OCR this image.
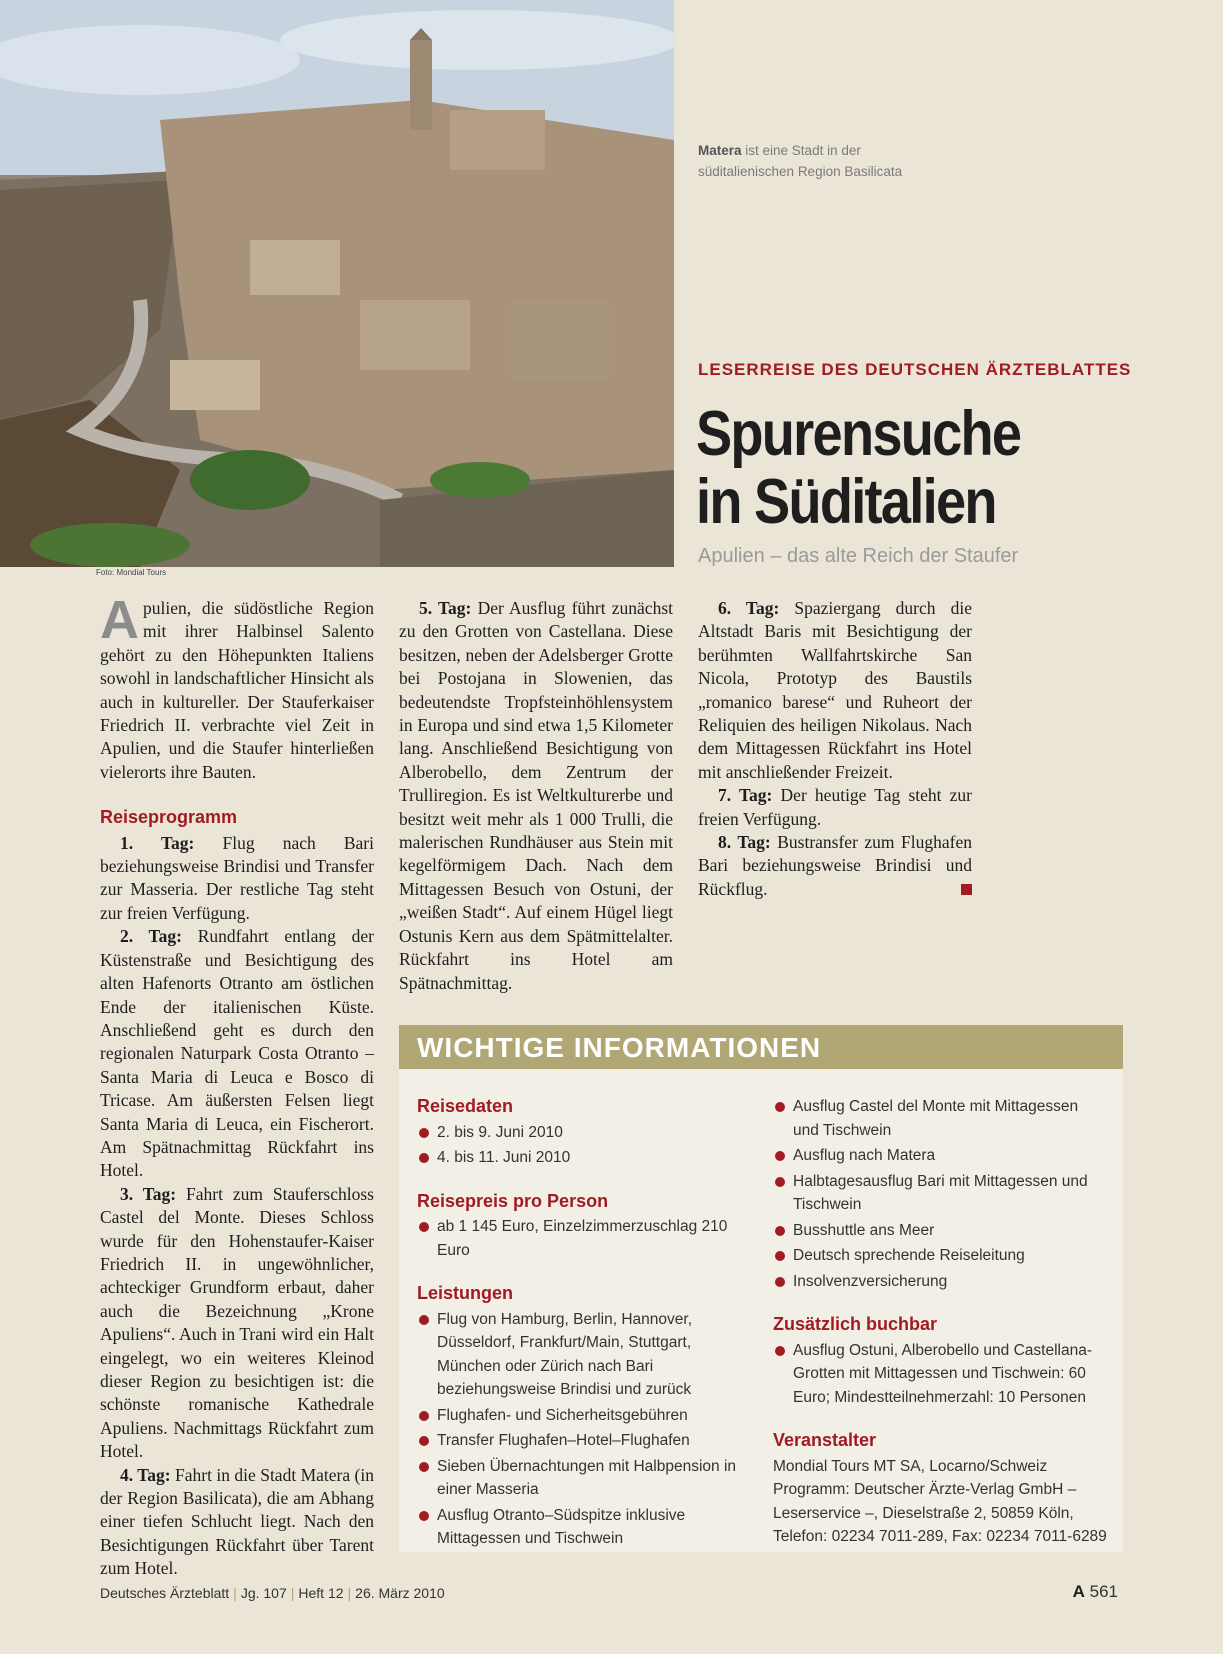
Foto: Mondial Tours
Matera ist eine Stadt in der süditalienischen Region Basilicata
LESERREISE DES DEUTSCHEN ÄRZTEBLATTES
Spurensuche
in Süditalien
Apulien – das alte Reich der Staufer

Apulien, die südöstliche Region mit ihrer Halbinsel Salento gehört zu den Höhepunkten Italiens sowohl in landschaftlicher Hinsicht als auch in kultureller. Der Stauferkaiser Friedrich II. verbrachte viel Zeit in Apulien, und die Staufer hinterließen vielerorts ihre Bauten.

Reiseprogramm

1. Tag: Flug nach Bari beziehungsweise Brindisi und Transfer zur Masseria. Der restliche Tag steht zur freien Verfügung.

2. Tag: Rundfahrt entlang der Küstenstraße und Besichtigung des alten Hafenorts Otranto am östlichen Ende der italienischen Küste. Anschließend geht es durch den regionalen Naturpark Costa Otranto – Santa Maria di Leuca e Bosco di Tricase. Am äußersten Felsen liegt Santa Maria di Leuca, ein Fischerort. Am Spätnachmittag Rückfahrt ins Hotel.

3. Tag: Fahrt zum Stauferschloss Castel del Monte. Dieses Schloss wurde für den Hohenstaufer-Kaiser Friedrich II. in ungewöhnlicher, achteckiger Grundform erbaut, daher auch die Bezeichnung „Krone Apuliens“. Auch in Trani wird ein Halt eingelegt, wo ein weiteres Kleinod dieser Region zu besichtigen ist: die schönste romanische Kathedrale Apuliens. Nachmittags Rückfahrt zum Hotel.

4. Tag: Fahrt in die Stadt Matera (in der Region Basilicata), die am Abhang einer tiefen Schlucht liegt. Nach den Besichtigungen Rückfahrt über Tarent zum Hotel.

5. Tag: Der Ausflug führt zunächst zu den Grotten von Castellana. Diese besitzen, neben der Adelsberger Grotte bei Postojana in Slowenien, das bedeutendste Tropfsteinhöhlensystem in Europa und sind etwa 1,5 Kilometer lang. Anschließend Besichtigung von Alberobello, dem Zentrum der Trulliregion. Es ist Weltkulturerbe und besitzt weit mehr als 1 000 Trulli, die malerischen Rundhäuser aus Stein mit kegelförmigem Dach. Nach dem Mittagessen Besuch von Ostuni, der „weißen Stadt“. Auf einem Hügel liegt Ostunis Kern aus dem Spätmittelalter. Rückfahrt ins Hotel am Spätnachmittag.

6. Tag: Spaziergang durch die Altstadt Baris mit Besichtigung der berühmten Wallfahrtskirche San Nicola, Prototyp des Baustils „romanico barese“ und Ruheort der Reliquien des heiligen Nikolaus. Nach dem Mittagessen Rückfahrt ins Hotel mit anschließender Freizeit.

7. Tag: Der heutige Tag steht zur freien Verfügung.

8. Tag: Bustransfer zum Flughafen Bari beziehungsweise Brindisi und Rückflug.

WICHTIGE INFORMATIONEN
Reisedaten
2. bis 9. Juni 2010
4. bis 11. Juni 2010
Reisepreis pro Person
ab 1 145 Euro, Einzelzimmerzuschlag 210 Euro
Leistungen
Flug von Hamburg, Berlin, Hannover, Düsseldorf, Frankfurt/Main, Stuttgart, München oder Zürich nach Bari beziehungsweise Brindisi und zurück
Flughafen- und Sicherheitsgebühren
Transfer Flughafen–Hotel–Flughafen
Sieben Übernachtungen mit Halbpension in einer Masseria
Ausflug Otranto–Südspitze inklusive Mittagessen und Tischwein
Ausflug Castel del Monte mit Mittagessen und Tischwein
Ausflug nach Matera
Halbtagesausflug Bari mit Mittagessen und Tischwein
Busshuttle ans Meer
Deutsch sprechende Reiseleitung
Insolvenzversicherung
Zusätzlich buchbar
Ausflug Ostuni, Alberobello und Castellana-Grotten mit Mittagessen und Tischwein: 60 Euro; Mindestteilnehmerzahl: 10 Personen
Veranstalter

Mondial Tours MT SA, Locarno/Schweiz

Programm: Deutscher Ärzte-Verlag GmbH – Leserservice –, Dieselstraße 2, 50859 Köln, Telefon: 02234 7011-289, Fax: 02234 7011-6289

Deutsches Ärzteblatt | Jg. 107 | Heft 12 | 26. März 2010	A 561
